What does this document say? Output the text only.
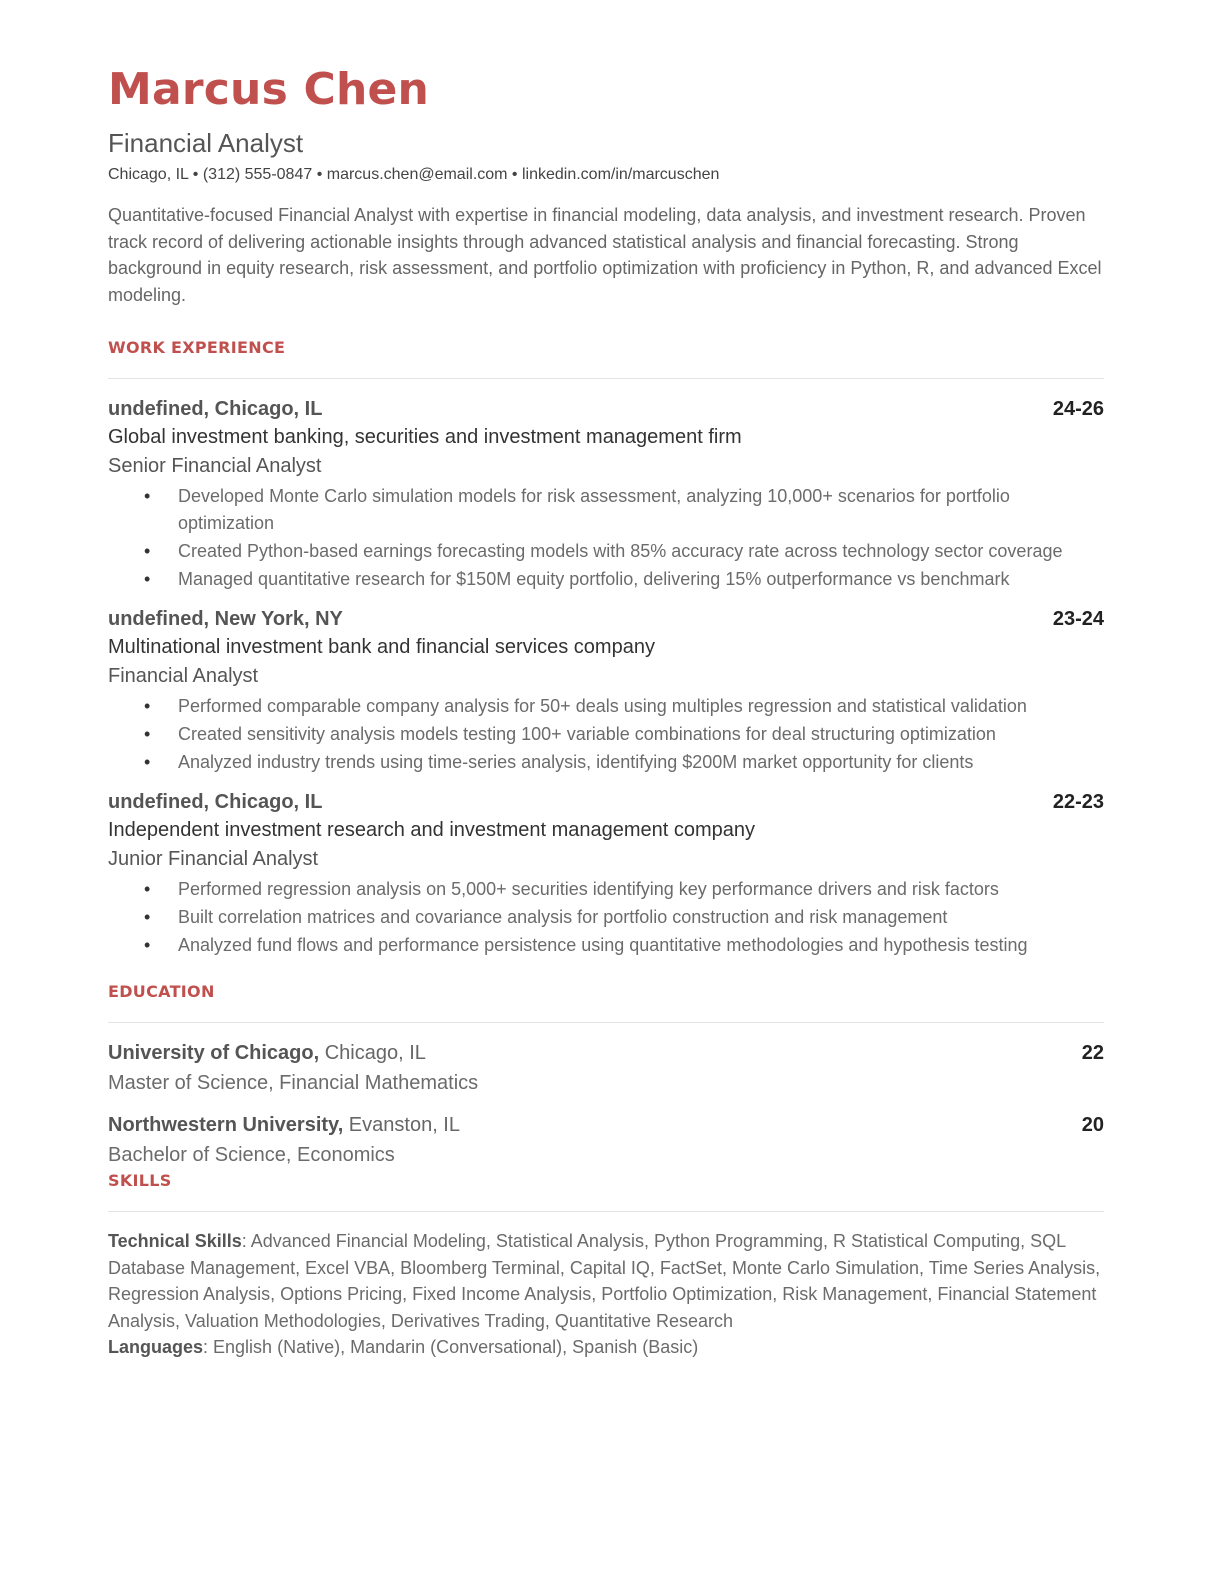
Marcus Chen
Financial Analyst
Chicago, IL • (312) 555-0847 • marcus.chen@email.com • linkedin.com/in/marcuschen
Quantitative-focused Financial Analyst with expertise in financial modeling, data analysis, and investment research. Proven track record of delivering actionable insights through advanced statistical analysis and financial forecasting. Strong background in equity research, risk assessment, and portfolio optimization with proficiency in Python, R, and advanced Excel modeling.
WORK EXPERIENCE
undefined, Chicago, IL	24-26
Global investment banking, securities and investment management firm
Senior Financial Analyst
• Developed Monte Carlo simulation models for risk assessment, analyzing 10,000+ scenarios for portfolio optimization
• Created Python-based earnings forecasting models with 85% accuracy rate across technology sector coverage
• Managed quantitative research for $150M equity portfolio, delivering 15% outperformance vs benchmark
undefined, New York, NY	23-24
Multinational investment bank and financial services company
Financial Analyst
• Performed comparable company analysis for 50+ deals using multiples regression and statistical validation
• Created sensitivity analysis models testing 100+ variable combinations for deal structuring optimization
• Analyzed industry trends using time-series analysis, identifying $200M market opportunity for clients
undefined, Chicago, IL	22-23
Independent investment research and investment management company
Junior Financial Analyst
• Performed regression analysis on 5,000+ securities identifying key performance drivers and risk factors
• Built correlation matrices and covariance analysis for portfolio construction and risk management
• Analyzed fund flows and performance persistence using quantitative methodologies and hypothesis testing
EDUCATION
University of Chicago, Chicago, IL	22
Master of Science, Financial Mathematics
Northwestern University, Evanston, IL	20
Bachelor of Science, Economics
SKILLS
Technical Skills: Advanced Financial Modeling, Statistical Analysis, Python Programming, R Statistical Computing, SQL Database Management, Excel VBA, Bloomberg Terminal, Capital IQ, FactSet, Monte Carlo Simulation, Time Series Analysis, Regression Analysis, Options Pricing, Fixed Income Analysis, Portfolio Optimization, Risk Management, Financial Statement Analysis, Valuation Methodologies, Derivatives Trading, Quantitative Research
Languages: English (Native), Mandarin (Conversational), Spanish (Basic)
